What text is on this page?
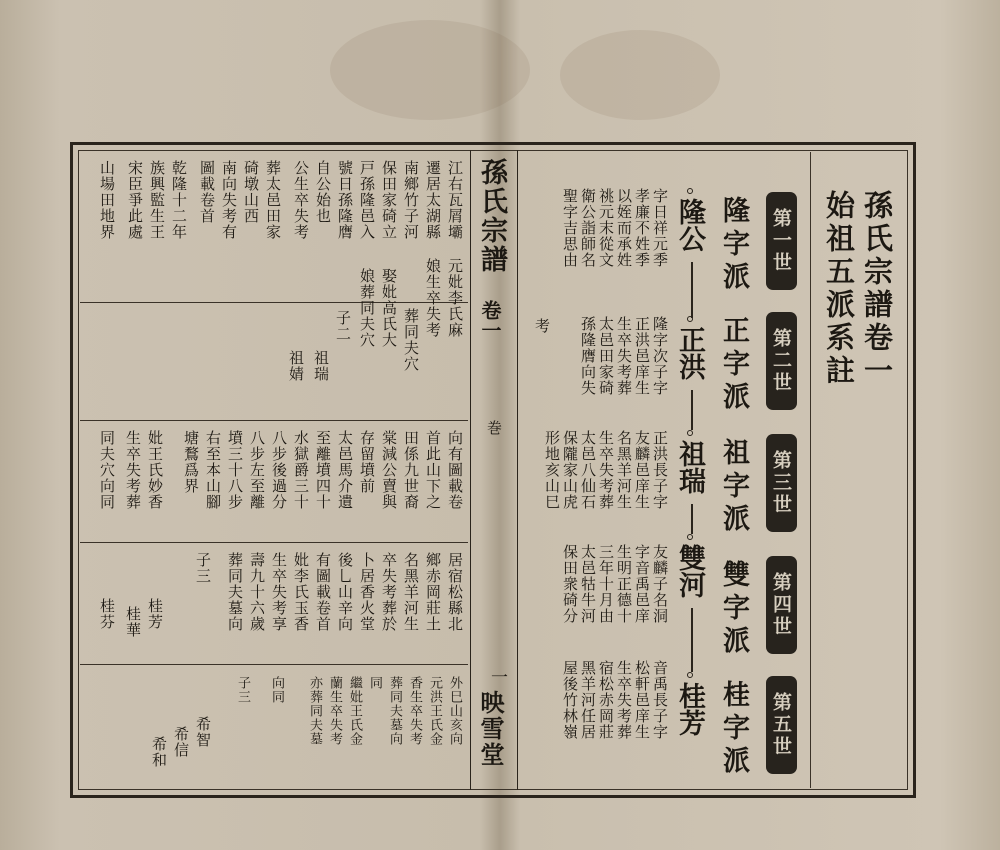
孫氏宗譜
卷一
巻
一
映雪堂
孫氏宗譜卷一
始祖五派系註
第一世
第二世
第三世
第四世
第五世
隆字派
正字派
祖字派
雙字派
桂字派
隆公
正洪
祖瑞
雙河
桂芳
字日祥元季
孝廉不姓季
以姪而承姓
祧元末從文
衛公詣師名
聖字吉思由
考	隆字次子字
正洪邑庠生
生卒失考葬
太邑田家碕
孫隆膺向失
正洪長子字
友麟邑庠生
名黑羊河生
生卒失考葬
太邑八仙石
保隴家山虎
形地亥山巳
友麟子名洞
字音禹邑庠
生明正德十
三年十月由
太邑牯牛河
保田衆碕分
音禹長子字
松軒邑庠生
生卒失考葬
宿松赤岡莊
黑羊河任居
屋後竹林嶺
江右瓦屑壩
遷居太湖縣
南鄉竹子河
保田家碕立
戸孫隆邑入
號日孫隆膺
自公始也
公生卒失考
葬太邑田家
碕墩山西
南向失考有
圖載卷首
乾隆十二年
族興監生王
宋臣爭此處
山場田地界
子二
祖瑞
祖婧
元妣李氏麻
娘生卒失考
葬同夫穴
娶妣高氏大
娘葬同夫穴
向有圖載卷
首此山下之
田係九世裔
棠減公賣與
存留墳前
太邑馬介遺
至離墳四十
水獄爵三十
八步後過分
八步左至離
墳三十八步
右至本山腳
塘鶩爲界
妣王氏妙香
生卒失考葬
同夫穴向同
居宿松縣北
鄉赤岡莊土
名黑羊河生
卒失考葬於
卜居香火堂
後乚山辛向
有圖載卷首
妣李氏玉香
生卒失考享
壽九十六歲
葬同夫墓向
子三
外巳山亥向
元洪王氏金
香生卒失考
葬同夫墓向
同
繼妣王氏金
蘭生卒失考
亦葬同夫墓
向同
子三
桂芳
桂華
桂芬
希智
希信
希和
